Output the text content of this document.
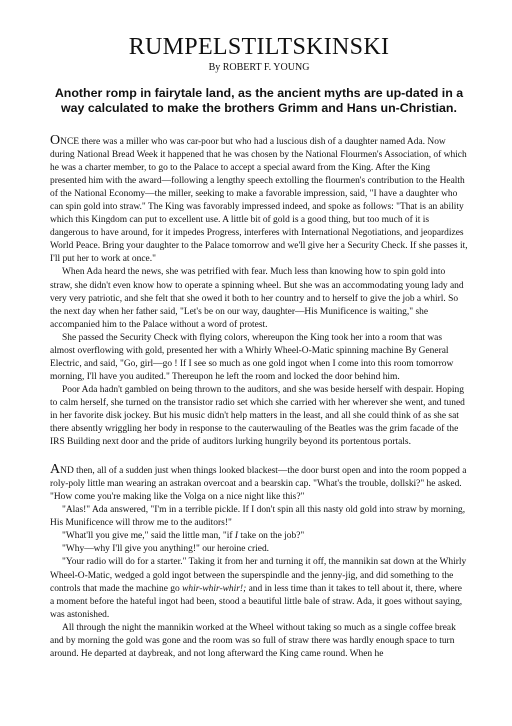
RUMPELSTILTSKINSKI
By ROBERT F. YOUNG
Another romp in fairytale land, as the ancient myths are up-dated in a way calculated to make the brothers Grimm and Hans un-Christian.

ONCE there was a miller who was car-poor but who had a luscious dish of a daughter named Ada. Now during National Bread Week it happened that he was chosen by the National Flourmen's Association, of which he was a charter member, to go to the Palace to accept a special award from the King. After the King presented him with the award—following a lengthy speech extolling the flourmen's contribution to the Health of the National Economy—the miller, seeking to make a favorable impression, said, "I have a daughter who can spin gold into straw." The King was favorably impressed indeed, and spoke as follows: "That is an ability which this Kingdom can put to excellent use. A little bit of gold is a good thing, but too much of it is dangerous to have around, for it impedes Progress, interferes with International Negotiations, and jeopardizes World Peace. Bring your daughter to the Palace tomorrow and we'll give her a Security Check. If she passes it, I'll put her to work at once."

When Ada heard the news, she was petrified with fear. Much less than knowing how to spin gold into straw, she didn't even know how to operate a spinning wheel. But she was an accommodating young lady and very very patriotic, and she felt that she owed it both to her country and to herself to give the job a whirl. So the next day when her father said, "Let's be on our way, daughter—His Munificence is waiting," she accompanied him to the Palace without a word of protest.

She passed the Security Check with flying colors, whereupon the King took her into a room that was almost overflowing with gold, presented her with a Whirly Wheel-O-Matic spinning machine By General Electric, and said, "Go, girl—go ! If I see so much as one gold ingot when I come into this room tomorrow morning, I'll have you audited." Thereupon he left the room and locked the door behind him.

Poor Ada hadn't gambled on being thrown to the auditors, and she was beside herself with despair. Hoping to calm herself, she turned on the transistor radio set which she carried with her wherever she went, and tuned in her favorite disk jockey. But his music didn't help matters in the least, and all she could think of as she sat there absently wriggling her body in response to the cauterwauling of the Beatles was the grim facade of the IRS Building next door and the pride of auditors lurking hungrily beyond its portentous portals.

AND then, all of a sudden just when things looked blackest—the door burst open and into the room popped a roly-poly little man wearing an astrakan overcoat and a bearskin cap. "What's the trouble, dollski?" he asked. "How come you're making like the Volga on a nice night like this?"

"Alas!" Ada answered, "I'm in a terrible pickle. If I don't spin all this nasty old gold into straw by morning, His Munificence will throw me to the auditors!"

"What'll you give me," said the little man, "if I take on the job?"

"Why—why I'll give you anything!" our heroine cried.

"Your radio will do for a starter." Taking it from her and turning it off, the mannikin sat down at the Whirly Wheel-O-Matic, wedged a gold ingot between the superspindle and the jenny-jig, and did something to the controls that made the machine go whir-whir-whir!; and in less time than it takes to tell about it, there, where a moment before the hateful ingot had been, stood a beautiful little bale of straw. Ada, it goes without saying, was astonished.

All through the night the mannikin worked at the Wheel without taking so much as a single coffee break and by morning the gold was gone and the room was so full of straw there was hardly enough space to turn around. He departed at daybreak, and not long afterward the King came round. When he
